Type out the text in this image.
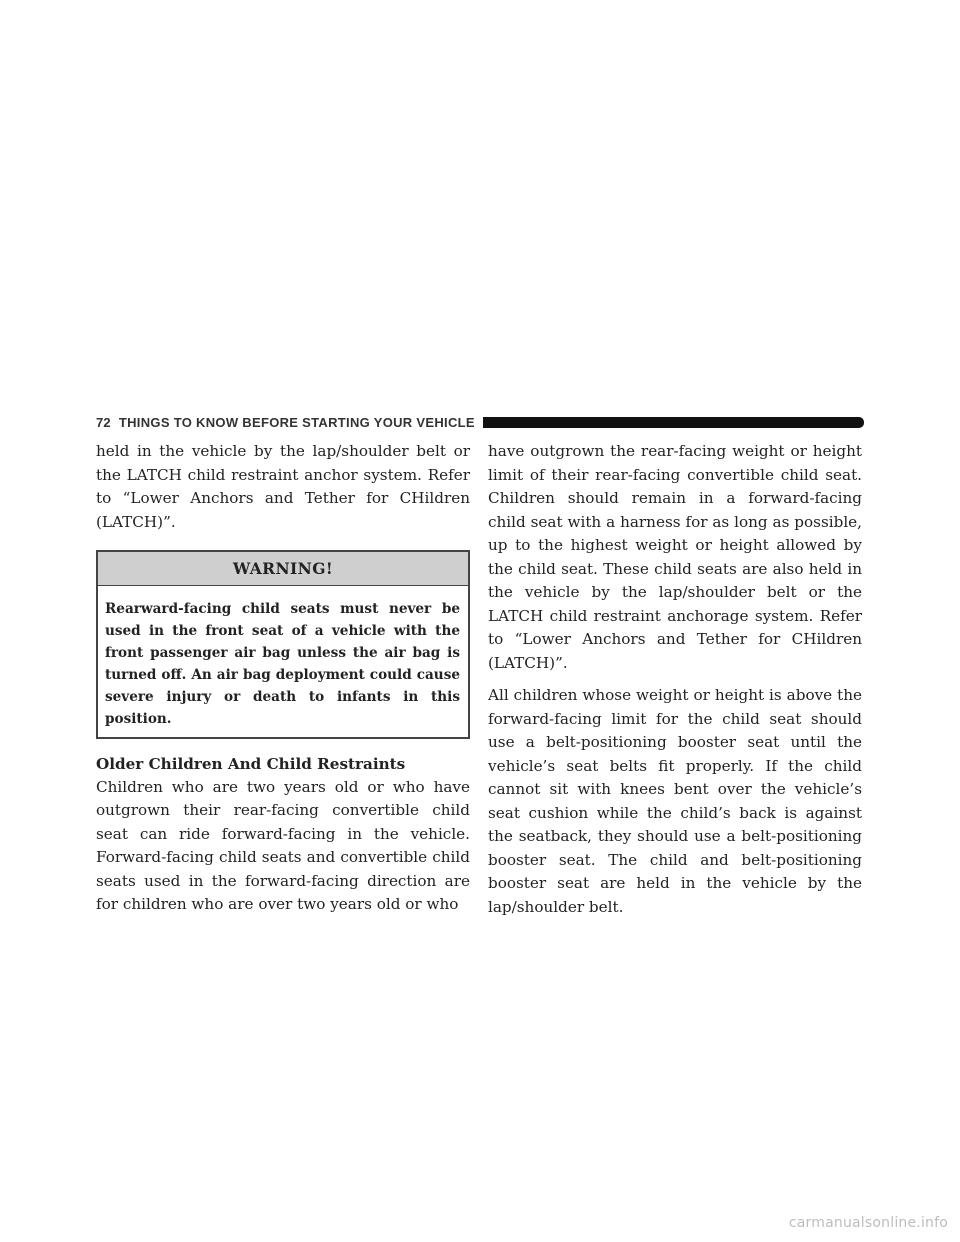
72 THINGS TO KNOW BEFORE STARTING YOUR VEHICLE

held in the vehicle by the lap/shoulder belt or the LATCH child restraint anchor system. Refer to “Lower Anchors and Tether for CHildren (LATCH)”.

WARNING!
Rearward-facing child seats must never be used in the front seat of a vehicle with the front passenger air bag unless the air bag is turned off. An air bag deployment could cause severe injury or death to infants in this position.
Older Children And Child Restraints

Children who are two years old or who have outgrown their rear-facing convertible child seat can ride forward-facing in the vehicle. Forward-facing child seats and convertible child seats used in the forward-facing direction are for children who are over two years old or who

have outgrown the rear-facing weight or height limit of their rear-facing convertible child seat. Children should remain in a forward-facing child seat with a harness for as long as possible, up to the highest weight or height allowed by the child seat. These child seats are also held in the vehicle by the lap/shoulder belt or the LATCH child restraint anchorage system. Refer to “Lower Anchors and Tether for CHildren (LATCH)”.

All children whose weight or height is above the forward-facing limit for the child seat should use a belt-positioning booster seat until the vehicle’s seat belts fit properly. If the child cannot sit with knees bent over the vehicle’s seat cushion while the child’s back is against the seatback, they should use a belt-positioning booster seat. The child and belt-positioning booster seat are held in the vehicle by the lap/shoulder belt.

carmanualsonline.info
